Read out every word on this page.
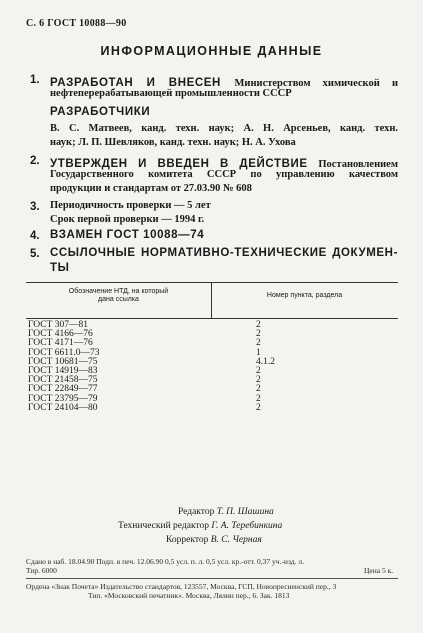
С. 6 ГОСТ 10088—90
ИНФОРМАЦИОННЫЕ ДАННЫЕ
1. РАЗРАБОТАН И ВНЕСЕН Министерством химической и
нефтеперерабатывающей промышленности СССР
РАЗРАБОТЧИКИ
В. С. Матвеев, канд. техн. наук; А. Н. Арсеньев, канд. техн.
наук; Л. П. Шевляков, канд. техн. наук; Н. А. Ухова
2. УТВЕРЖДЕН И ВВЕДЕН В ДЕЙСТВИЕ Постановлением
Государственного комитета СССР по управлению качеством
продукции и стандартам от 27.03.90 № 608
3. Периодичность проверки — 5 лет
Срок первой проверки — 1994 г.
4. ВЗАМЕН ГОСТ 10088—74
5. ССЫЛОЧНЫЕ НОРМАТИВНО-ТЕХНИЧЕСКИЕ ДОКУМЕН-
ТЫ
Обозначение НТД, на который
дана ссылка
Номер пункта, раздела
ГОСТ 307—81	2
ГОСТ 4166—76	2
ГОСТ 4171—76	2
ГОСТ 6611.0—73	1
ГОСТ 10681—75	4.1.2
ГОСТ 14919—83	2
ГОСТ 21458—75	2
ГОСТ 22849—77	2
ГОСТ 23795—79	2
ГОСТ 24104—80	2
Редактор Т. П. Шашина
Технический редактор Г. А. Теребинкина
Корректор В. С. Черная
Сдано в наб. 18.04.90 Подп. в печ. 12.06.90 0,5 усл. п. л. 0,5 усл. кр.-отт. 0,37 уч.-изд. л.
Тир. 6000	Цена 5 к.
Ордена «Знак Почета» Издательство стандартов, 123557, Москва, ГСП, Новопресненский пер., 3
Тип. «Московский печатник». Москва, Лялин пер., 6. Зак. 1813
